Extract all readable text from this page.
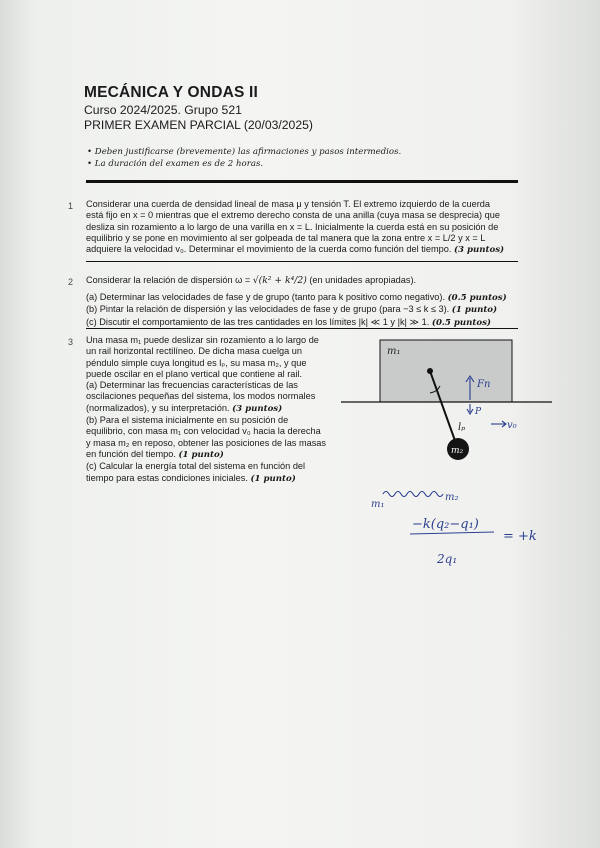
MECÁNICA Y ONDAS II
Curso 2024/2025. Grupo 521
PRIMER EXAMEN PARCIAL (20/03/2025)
• Deben justificarse (brevemente) las afirmaciones y pasos intermedios.
• La duración del examen es de 2 horas.
1 Considerar una cuerda de densidad lineal de masa μ y tensión T. El extremo izquierdo de la cuerda
está fijo en x = 0 mientras que el extremo derecho consta de una anilla (cuya masa se desprecia) que
desliza sin rozamiento a lo largo de una varilla en x = L. Inicialmente la cuerda está en su posición de
equilibrio y se pone en movimiento al ser golpeada de tal manera que la zona entre x = L/2 y x = L
adquiere la velocidad v₀. Determinar el movimiento de la cuerda como función del tiempo. (3 puntos)
2 Considerar la relación de dispersión ω = √(k² + k⁴/2) (en unidades apropiadas).
(a) Determinar las velocidades de fase y de grupo (tanto para k positivo como negativo). (0.5 puntos)
(b) Pintar la relación de dispersión y las velocidades de fase y de grupo (para −3 ≤ k ≤ 3). (1 punto)
(c) Discutir el comportamiento de las tres cantidades en los límites |k| ≪ 1 y |k| ≫ 1. (0.5 puntos)
3 Una masa m₁ puede deslizar sin rozamiento a lo largo de
un rail horizontal rectilíneo. De dicha masa cuelga un
péndulo simple cuya longitud es lₚ, su masa m₂, y que
puede oscilar en el plano vertical que contiene al rail.
(a) Determinar las frecuencias características de las
oscilaciones pequeñas del sistema, los modos normales
(normalizados), y su interpretación. (3 puntos)
(b) Para el sistema inicialmente en su posición de
equilibrio, con masa m₁ con velocidad v₀ hacia la derecha
y masa m₂ en reposo, obtener las posiciones de las masas
en función del tiempo. (1 punto)
(c) Calcular la energía total del sistema en función del
tiempo para estas condiciones iniciales. (1 punto)
m₁
m₂
lₚ
Fn
P
v₀
m₁
m₂
−k(q₂−q₁)
2q₁
= +k
